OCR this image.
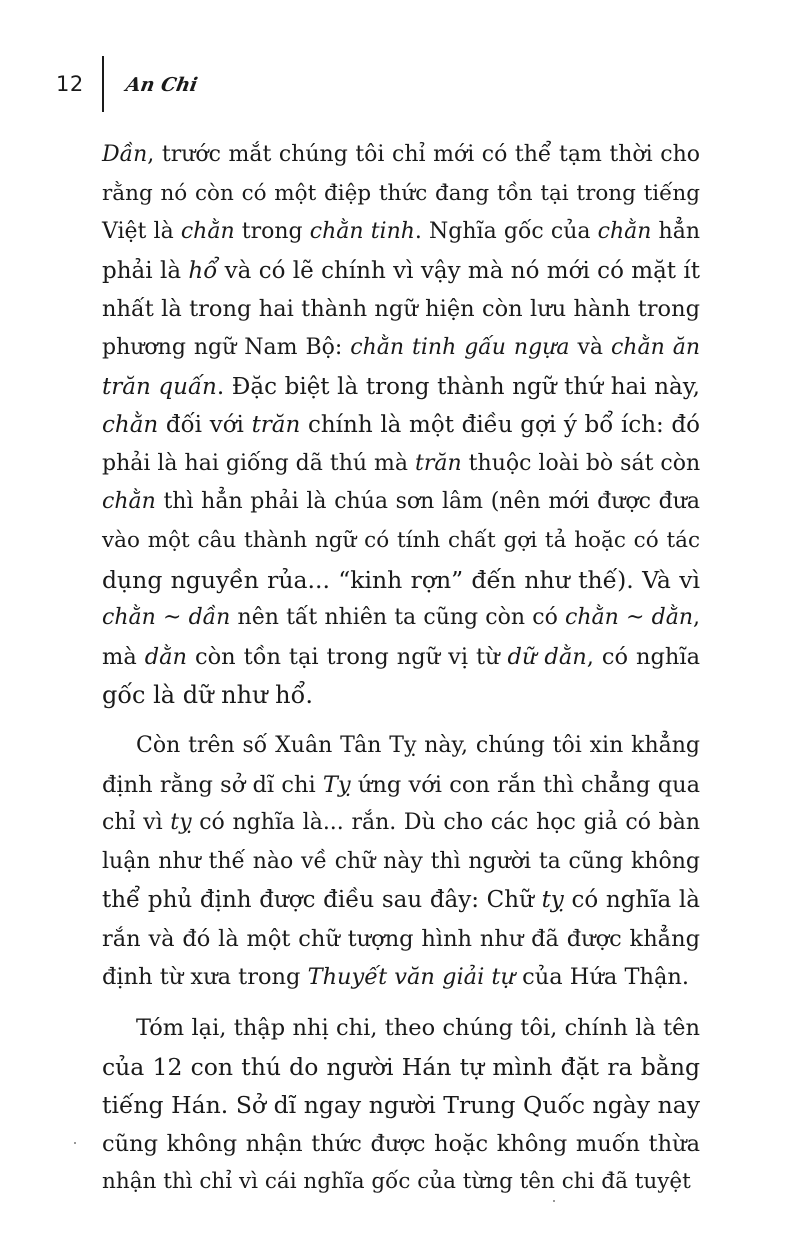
12 An Chi
Dần, trước mắt chúng tôi chỉ mới có thể tạm thời cho
rằng nó còn có một điệp thức đang tồn tại trong tiếng
Việt là chằn trong chằn tinh. Nghĩa gốc của chằn hẳn
phải là hổ và có lẽ chính vì vậy mà nó mới có mặt ít
nhất là trong hai thành ngữ hiện còn lưu hành trong
phương ngữ Nam Bộ: chằn tinh gấu ngựa và chằn ăn
trăn quấn. Đặc biệt là trong thành ngữ thứ hai này,
chằn đối với trăn chính là một điều gợi ý bổ ích: đó
phải là hai giống dã thú mà trăn thuộc loài bò sát còn
chằn thì hẳn phải là chúa sơn lâm (nên mới được đưa
vào một câu thành ngữ có tính chất gợi tả hoặc có tác
dụng nguyền rủa... “kinh rợn” đến như thế). Và vì
chằn ~ dần nên tất nhiên ta cũng còn có chằn ~ dằn,
mà dằn còn tồn tại trong ngữ vị từ dữ dằn, có nghĩa
gốc là dữ như hổ.
Còn trên số Xuân Tân Tỵ này, chúng tôi xin khẳng
định rằng sở dĩ chi Tỵ ứng với con rắn thì chẳng qua
chỉ vì tỵ có nghĩa là... rắn. Dù cho các học giả có bàn
luận như thế nào về chữ này thì người ta cũng không
thể phủ định được điều sau đây: Chữ tỵ có nghĩa là
rắn và đó là một chữ tượng hình như đã được khẳng
định từ xưa trong Thuyết văn giải tự của Hứa Thận.
Tóm lại, thập nhị chi, theo chúng tôi, chính là tên
của 12 con thú do người Hán tự mình đặt ra bằng
tiếng Hán. Sở dĩ ngay người Trung Quốc ngày nay
cũng không nhận thức được hoặc không muốn thừa
nhận thì chỉ vì cái nghĩa gốc của từng tên chi đã tuyệt
